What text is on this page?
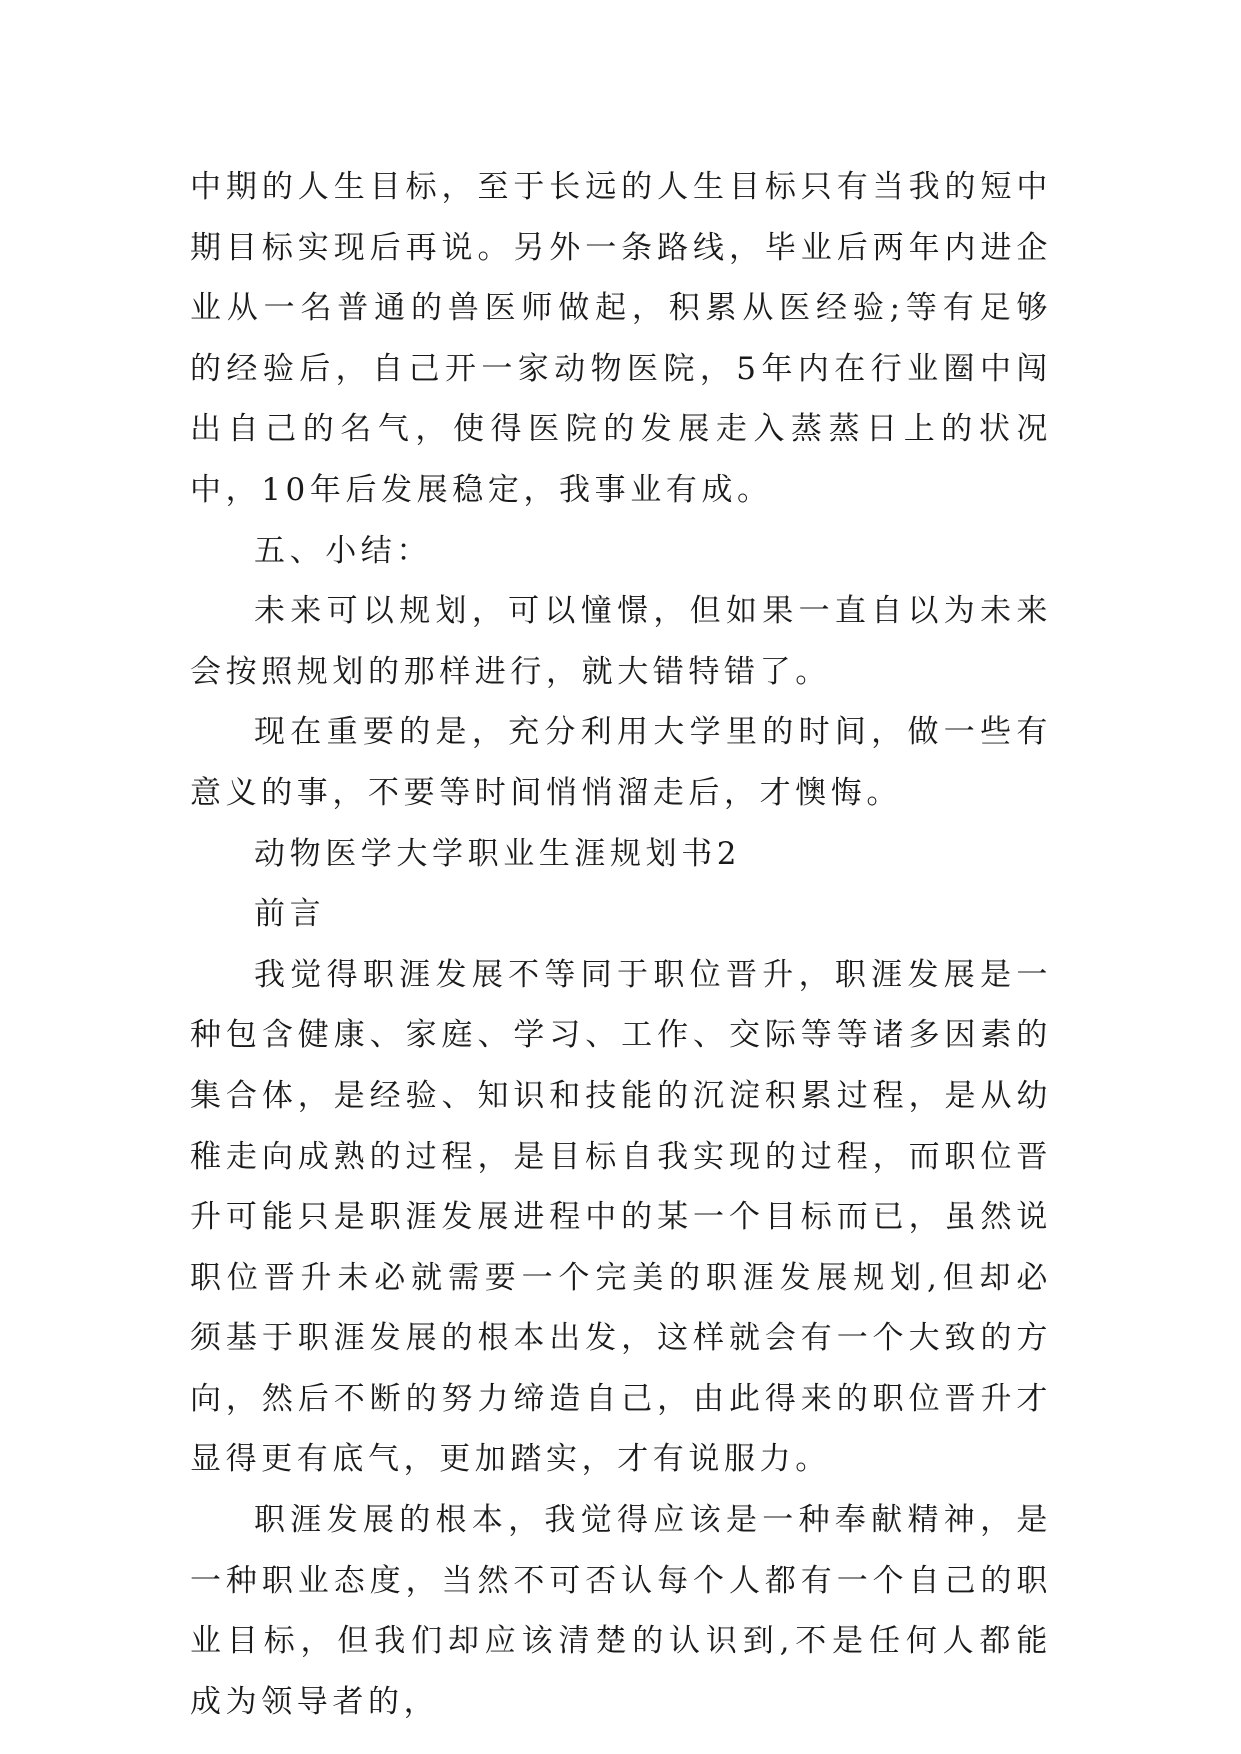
中期的人生目标，至于长远的人生目标只有当我的短中期目标实现后再说。另外一条路线，毕业后两年内进企业从一名普通的兽医师做起，积累从医经验;等有足够的经验后，自己开一家动物医院，5年内在行业圈中闯出自己的名气，使得医院的发展走入蒸蒸日上的状况中，10年后发展稳定，我事业有成。

五、小结：

未来可以规划，可以憧憬，但如果一直自以为未来会按照规划的那样进行，就大错特错了。

现在重要的是，充分利用大学里的时间，做一些有意义的事，不要等时间悄悄溜走后，才懊悔。

动物医学大学职业生涯规划书2

前言

我觉得职涯发展不等同于职位晋升，职涯发展是一种包含健康、家庭、学习、工作、交际等等诸多因素的集合体，是经验、知识和技能的沉淀积累过程，是从幼稚走向成熟的过程，是目标自我实现的过程，而职位晋升可能只是职涯发展进程中的某一个目标而已，虽然说职位晋升未必就需要一个完美的职涯发展规划,但却必须基于职涯发展的根本出发，这样就会有一个大致的方向，然后不断的努力缔造自己，由此得来的职位晋升才显得更有底气，更加踏实，才有说服力。

职涯发展的根本，我觉得应该是一种奉献精神，是一种职业态度，当然不可否认每个人都有一个自己的职业目标，但我们却应该清楚的认识到,不是任何人都能成为领导者的，
